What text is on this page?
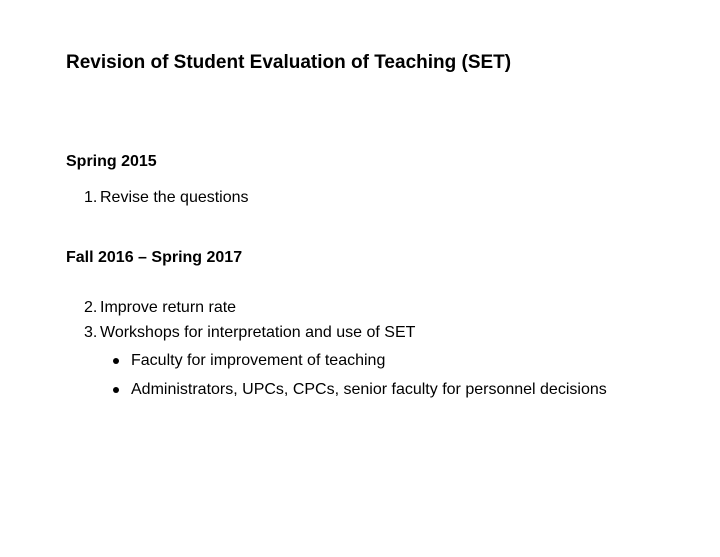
Revision of Student Evaluation of Teaching (SET)
Spring 2015
1. Revise the questions
Fall 2016 – Spring 2017
2. Improve return rate
3. Workshops for interpretation and use of SET
Faculty for improvement of teaching
Administrators, UPCs, CPCs, senior faculty for personnel decisions
